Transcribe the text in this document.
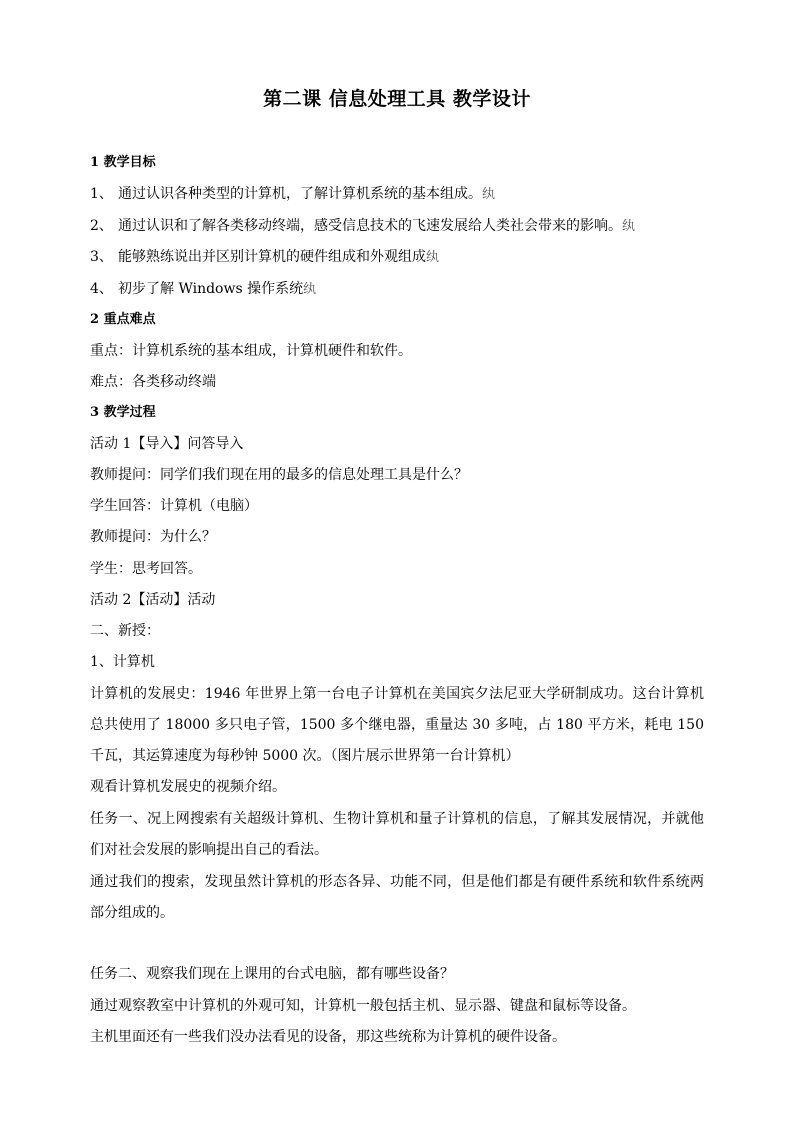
第二课 信息处理工具 教学设计
1 教学目标
1、 通过认识各种类型的计算机，了解计算机系统的基本组成。纨
2、 通过认识和了解各类移动终端，感受信息技术的飞速发展给人类社会带来的影响。纨
3、 能够熟练说出并区别计算机的硬件组成和外观组成纨
4、 初步了解 Windows 操作系统纨
2 重点难点
重点：计算机系统的基本组成，计算机硬件和软件。
难点：各类移动终端
3 教学过程
活动 1【导入】问答导入
教师提问：同学们我们现在用的最多的信息处理工具是什么？
学生回答：计算机（电脑）
教师提问：为什么？
学生：思考回答。
活动 2【活动】活动
二、新授：
1、计算机
计算机的发展史：1946 年世界上第一台电子计算机在美国宾夕法尼亚大学研制成功。这台计算机总共使用了 18000 多只电子管，1500 多个继电器，重量达 30 多吨，占 180 平方米，耗电 150 千瓦，其运算速度为每秒钟 5000 次。（图片展示世界第一台计算机）
观看计算机发展史的视频介绍。
任务一、况上网搜索有关超级计算机、生物计算机和量子计算机的信息，了解其发展情况，并就他们对社会发展的影响提出自己的看法。
通过我们的搜索，发现虽然计算机的形态各异、功能不同，但是他们都是有硬件系统和软件系统两部分组成的。
任务二、观察我们现在上课用的台式电脑，都有哪些设备？
通过观察教室中计算机的外观可知，计算机一般包括主机、显示器、键盘和鼠标等设备。
主机里面还有一些我们没办法看见的设备，那这些统称为计算机的硬件设备。
